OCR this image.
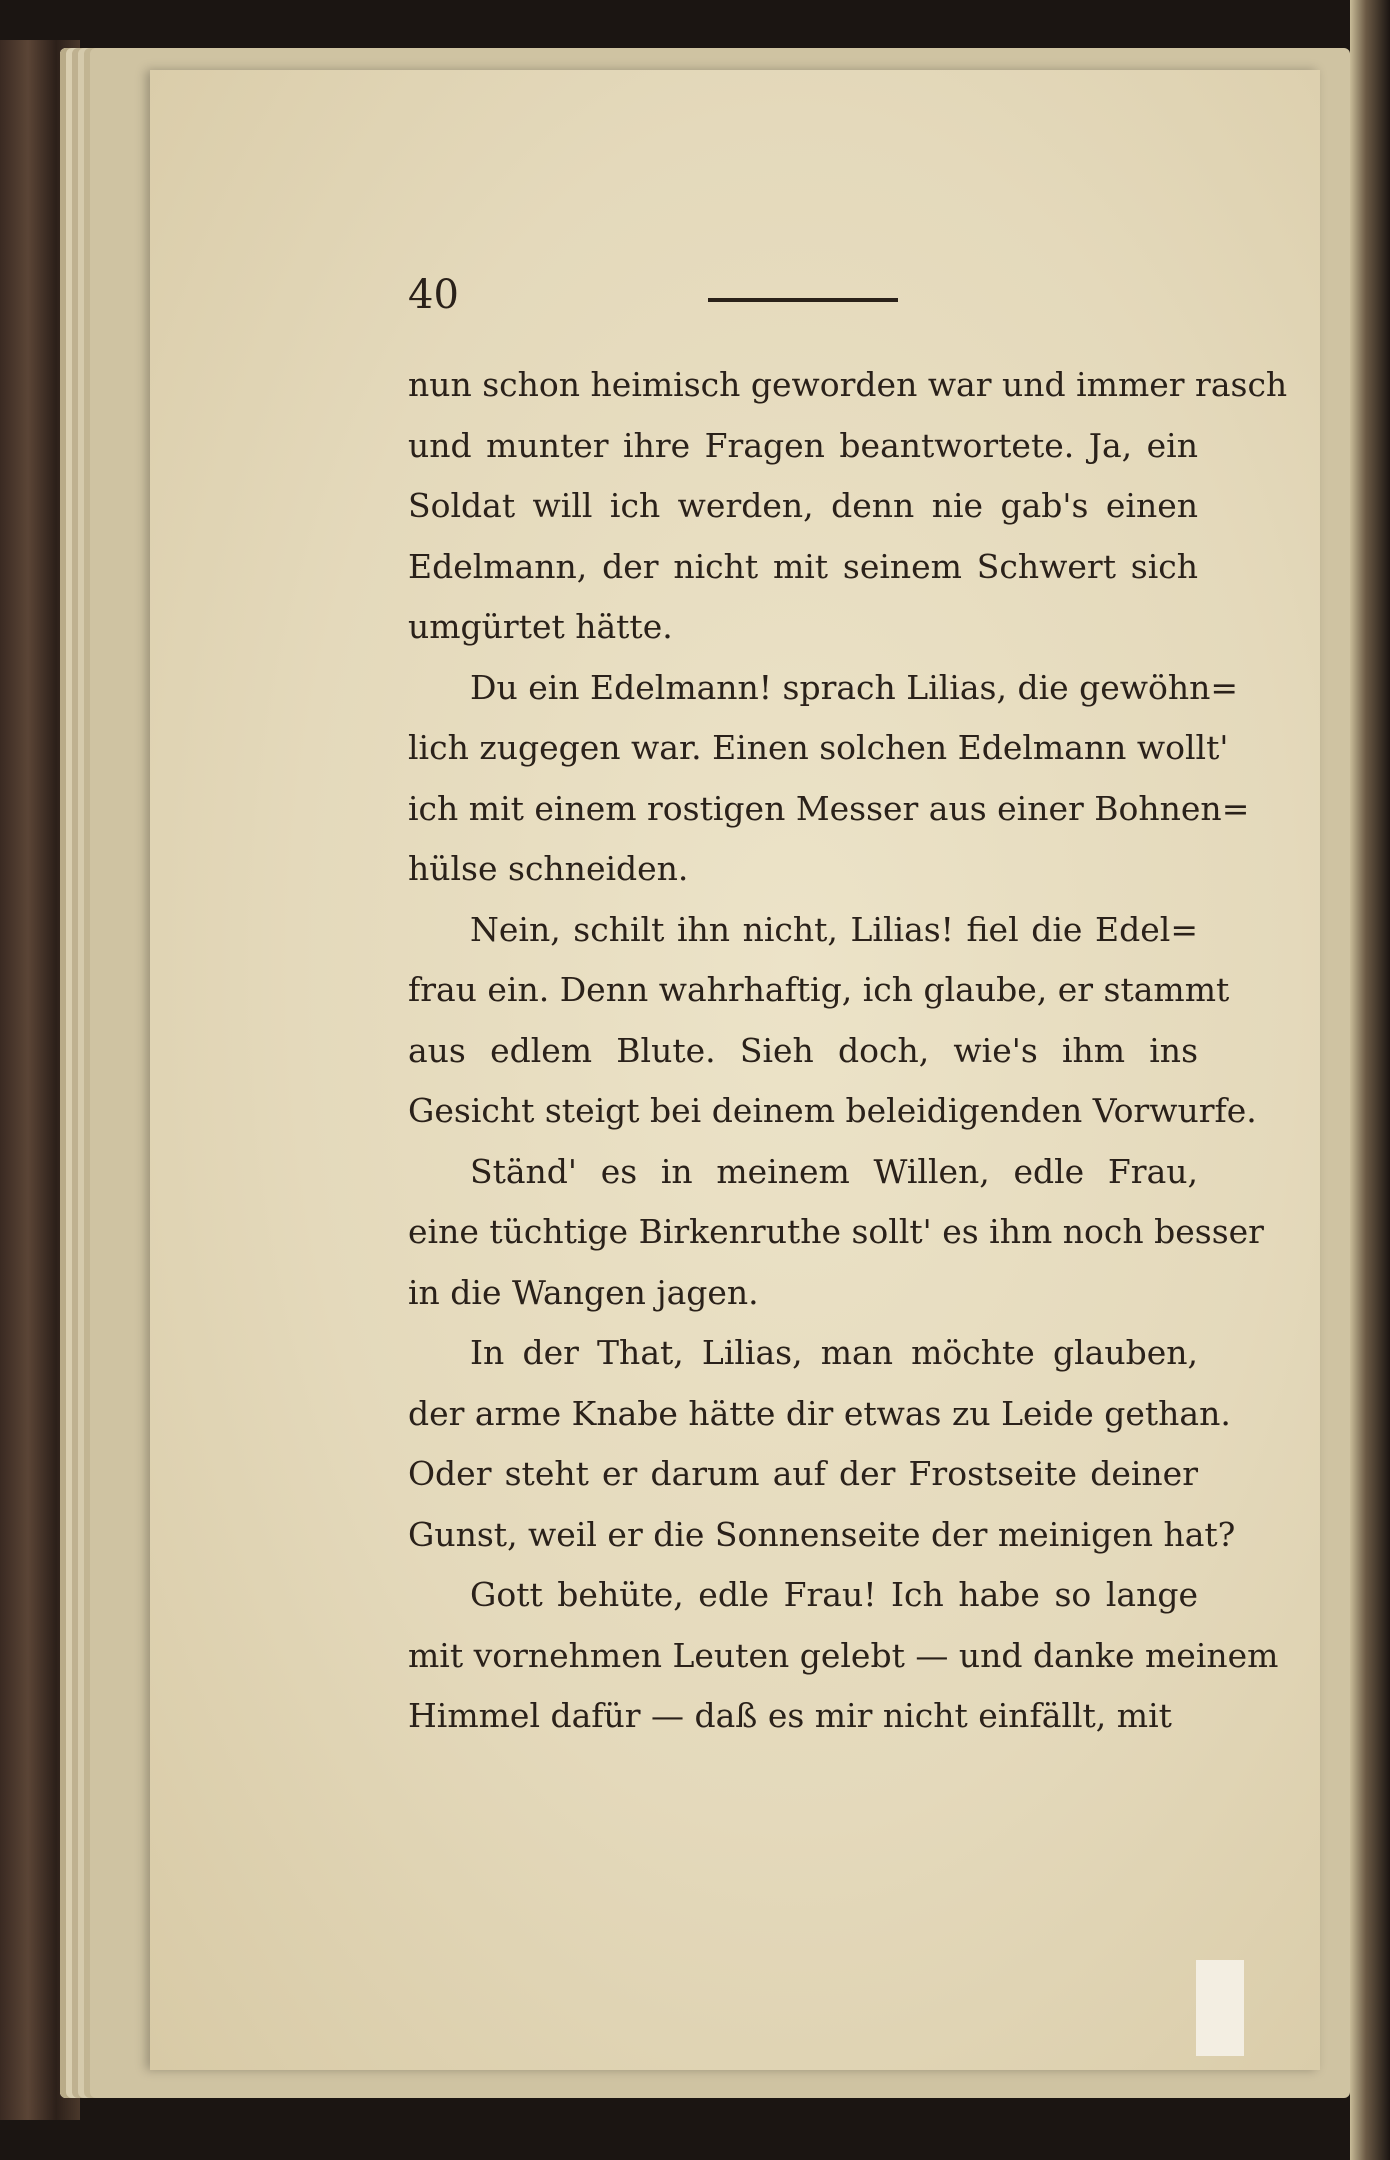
40
nun schon heimisch geworden war und immer rasch
und munter ihre Fragen beantwortete. Ja, ein
Soldat will ich werden, denn nie gab's einen
Edelmann, der nicht mit seinem Schwert sich
umgürtet hätte.
Du ein Edelmann! sprach Lilias, die gewöhn=
lich zugegen war. Einen solchen Edelmann wollt'
ich mit einem rostigen Messer aus einer Bohnen=
hülse schneiden.
Nein, schilt ihn nicht, Lilias! fiel die Edel=
frau ein. Denn wahrhaftig, ich glaube, er stammt
aus edlem Blute. Sieh doch, wie's ihm ins
Gesicht steigt bei deinem beleidigenden Vorwurfe.
Ständ' es in meinem Willen, edle Frau,
eine tüchtige Birkenruthe sollt' es ihm noch besser
in die Wangen jagen.
In der That, Lilias, man möchte glauben,
der arme Knabe hätte dir etwas zu Leide gethan.
Oder steht er darum auf der Frostseite deiner
Gunst, weil er die Sonnenseite der meinigen hat?
Gott behüte, edle Frau! Ich habe so lange
mit vornehmen Leuten gelebt — und danke meinem
Himmel dafür — daß es mir nicht einfällt, mit
